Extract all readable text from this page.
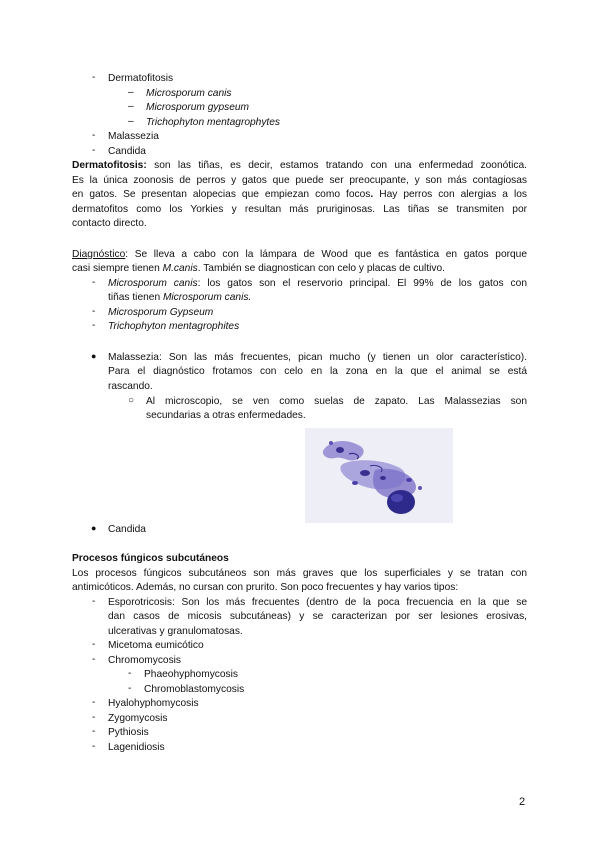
-	Dermatofitosis
–	Microsporum canis
–	Microsporum gypseum
–	Trichophyton mentagrophytes
-	Malassezia
-	Candida
Dermatofitosis: son las tiñas, es decir, estamos tratando con una enfermedad zoonótica.
Es la única zoonosis de perros y gatos que puede ser preocupante, y son más contagiosas
en gatos. Se presentan alopecias que empiezan como focos. Hay perros con alergias a los
dermatofitos como los Yorkies y resultan más pruriginosas. Las tiñas se transmiten por
contacto directo.
Diagnóstico: Se lleva a cabo con la lámpara de Wood que es fantástica en gatos porque
casi siempre tienen M.canis. También se diagnostican con celo y placas de cultivo.
-	Microsporum canis: los gatos son el reservorio principal. El 99% de los gatos con
tiñas tienen Microsporum canis.
-	Microsporum Gypseum
-	Trichophyton mentagrophites
● Malassezia: Son las más frecuentes, pican mucho (y tienen un olor característico).
Para el diagnóstico frotamos con celo en la zona en la que el animal se está
rascando.
○ Al microscopio, se ven como suelas de zapato. Las Malassezias son
secundarias a otras enfermedades.
● Candida
Procesos fúngicos subcutáneos
Los procesos fúngicos subcutáneos son más graves que los superficiales y se tratan con
antimicóticos. Además, no cursan con prurito. Son poco frecuentes y hay varios tipos:
-	Esporotricosis: Son los más frecuentes (dentro de la poca frecuencia en la que se
dan casos de micosis subcutáneas) y se caracterizan por ser lesiones erosivas,
ulcerativas y granulomatosas.
-	Micetoma eumicótico
-	Chromomycosis
-	Phaeohyphomycosis
-	Chromoblastomycosis
-	Hyalohyphomycosis
-	Zygomycosis
-	Pythiosis
-	Lagenidiosis
2
